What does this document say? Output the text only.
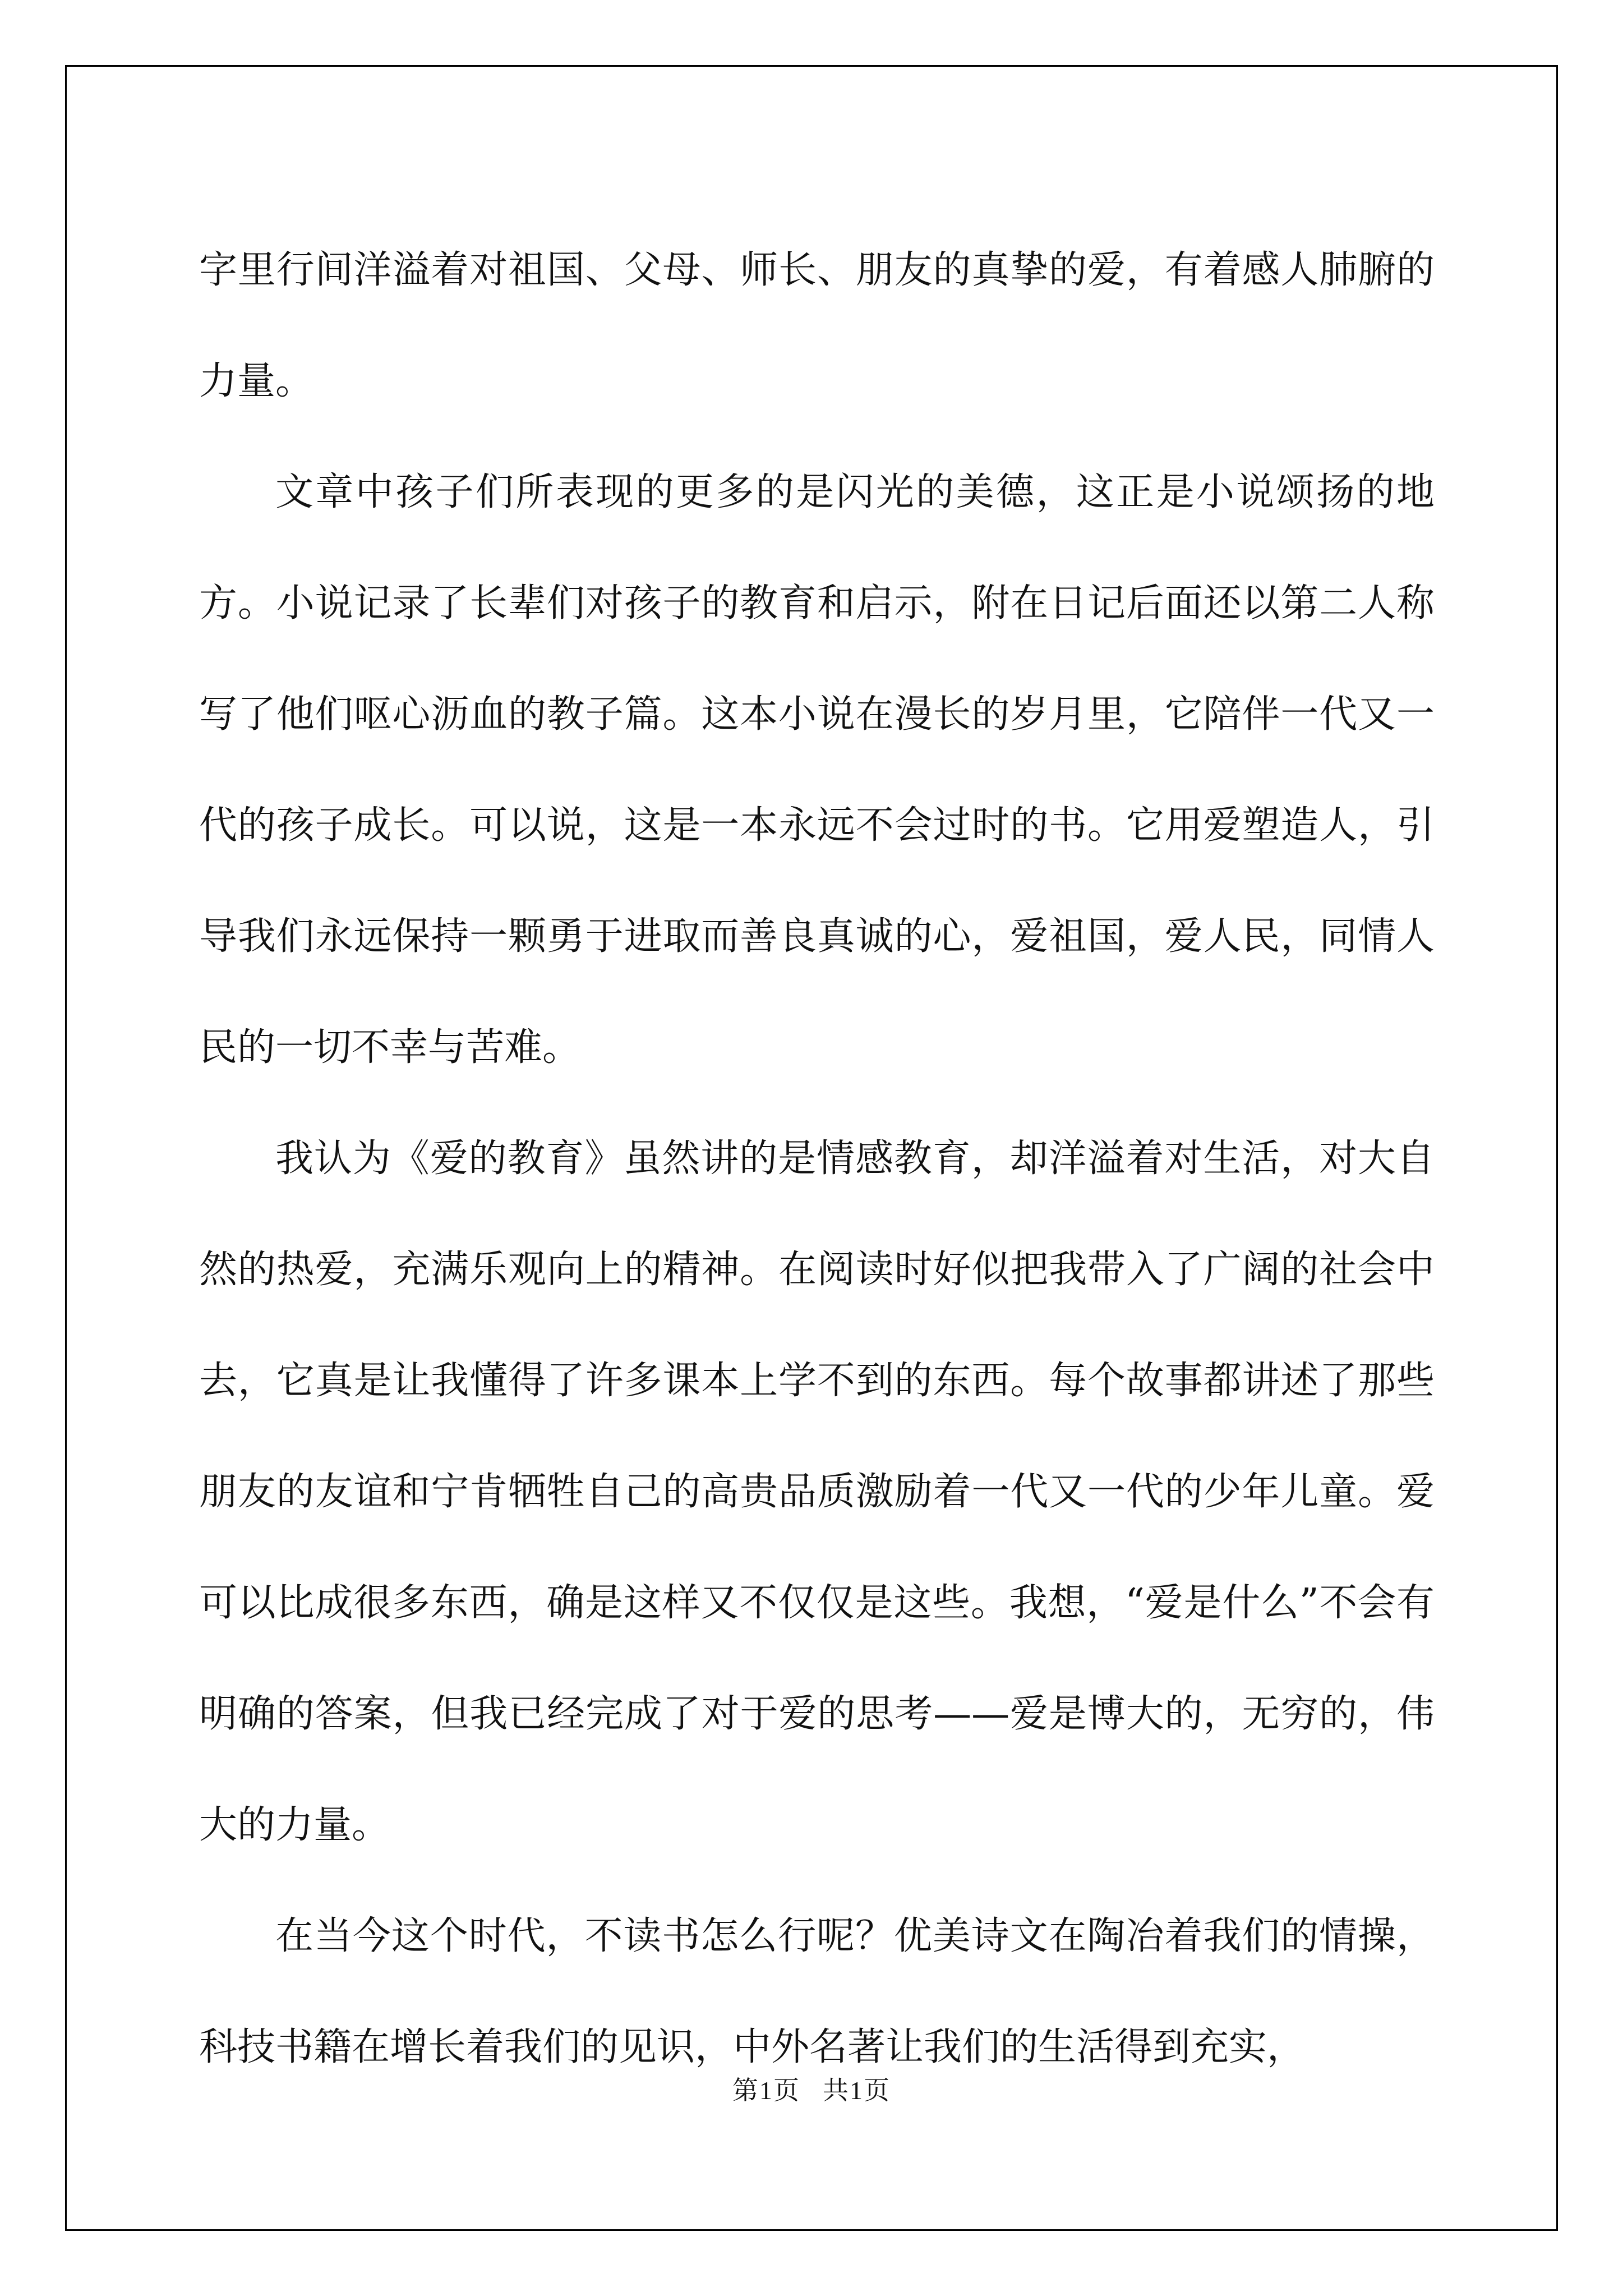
字里行间洋溢着对祖国、父母、师长、朋友的真挚的爱，有着感人肺腑的力量。

文章中孩子们所表现的更多的是闪光的美德，这正是小说颂扬的地方。小说记录了长辈们对孩子的教育和启示，附在日记后面还以第二人称写了他们呕心沥血的教子篇。这本小说在漫长的岁月里，它陪伴一代又一代的孩子成长。可以说，这是一本永远不会过时的书。它用爱塑造人，引导我们永远保持一颗勇于进取而善良真诚的心，爱祖国，爱人民，同情人民的一切不幸与苦难。

我认为《爱的教育》虽然讲的是情感教育，却洋溢着对生活，对大自然的热爱，充满乐观向上的精神。在阅读时好似把我带入了广阔的社会中去，它真是让我懂得了许多课本上学不到的东西。每个故事都讲述了那些朋友的友谊和宁肯牺牲自己的高贵品质激励着一代又一代的少年儿童。爱可以比成很多东西，确是这样又不仅仅是这些。我想，“爱是什么”不会有明确的答案，但我已经完成了对于爱的思考——爱是博大的，无穷的，伟大的力量。

在当今这个时代，不读书怎么行呢？优美诗文在陶冶着我们的情操，科技书籍在增长着我们的见识，中外名著让我们的生活得到充实，

第1页 共1页
